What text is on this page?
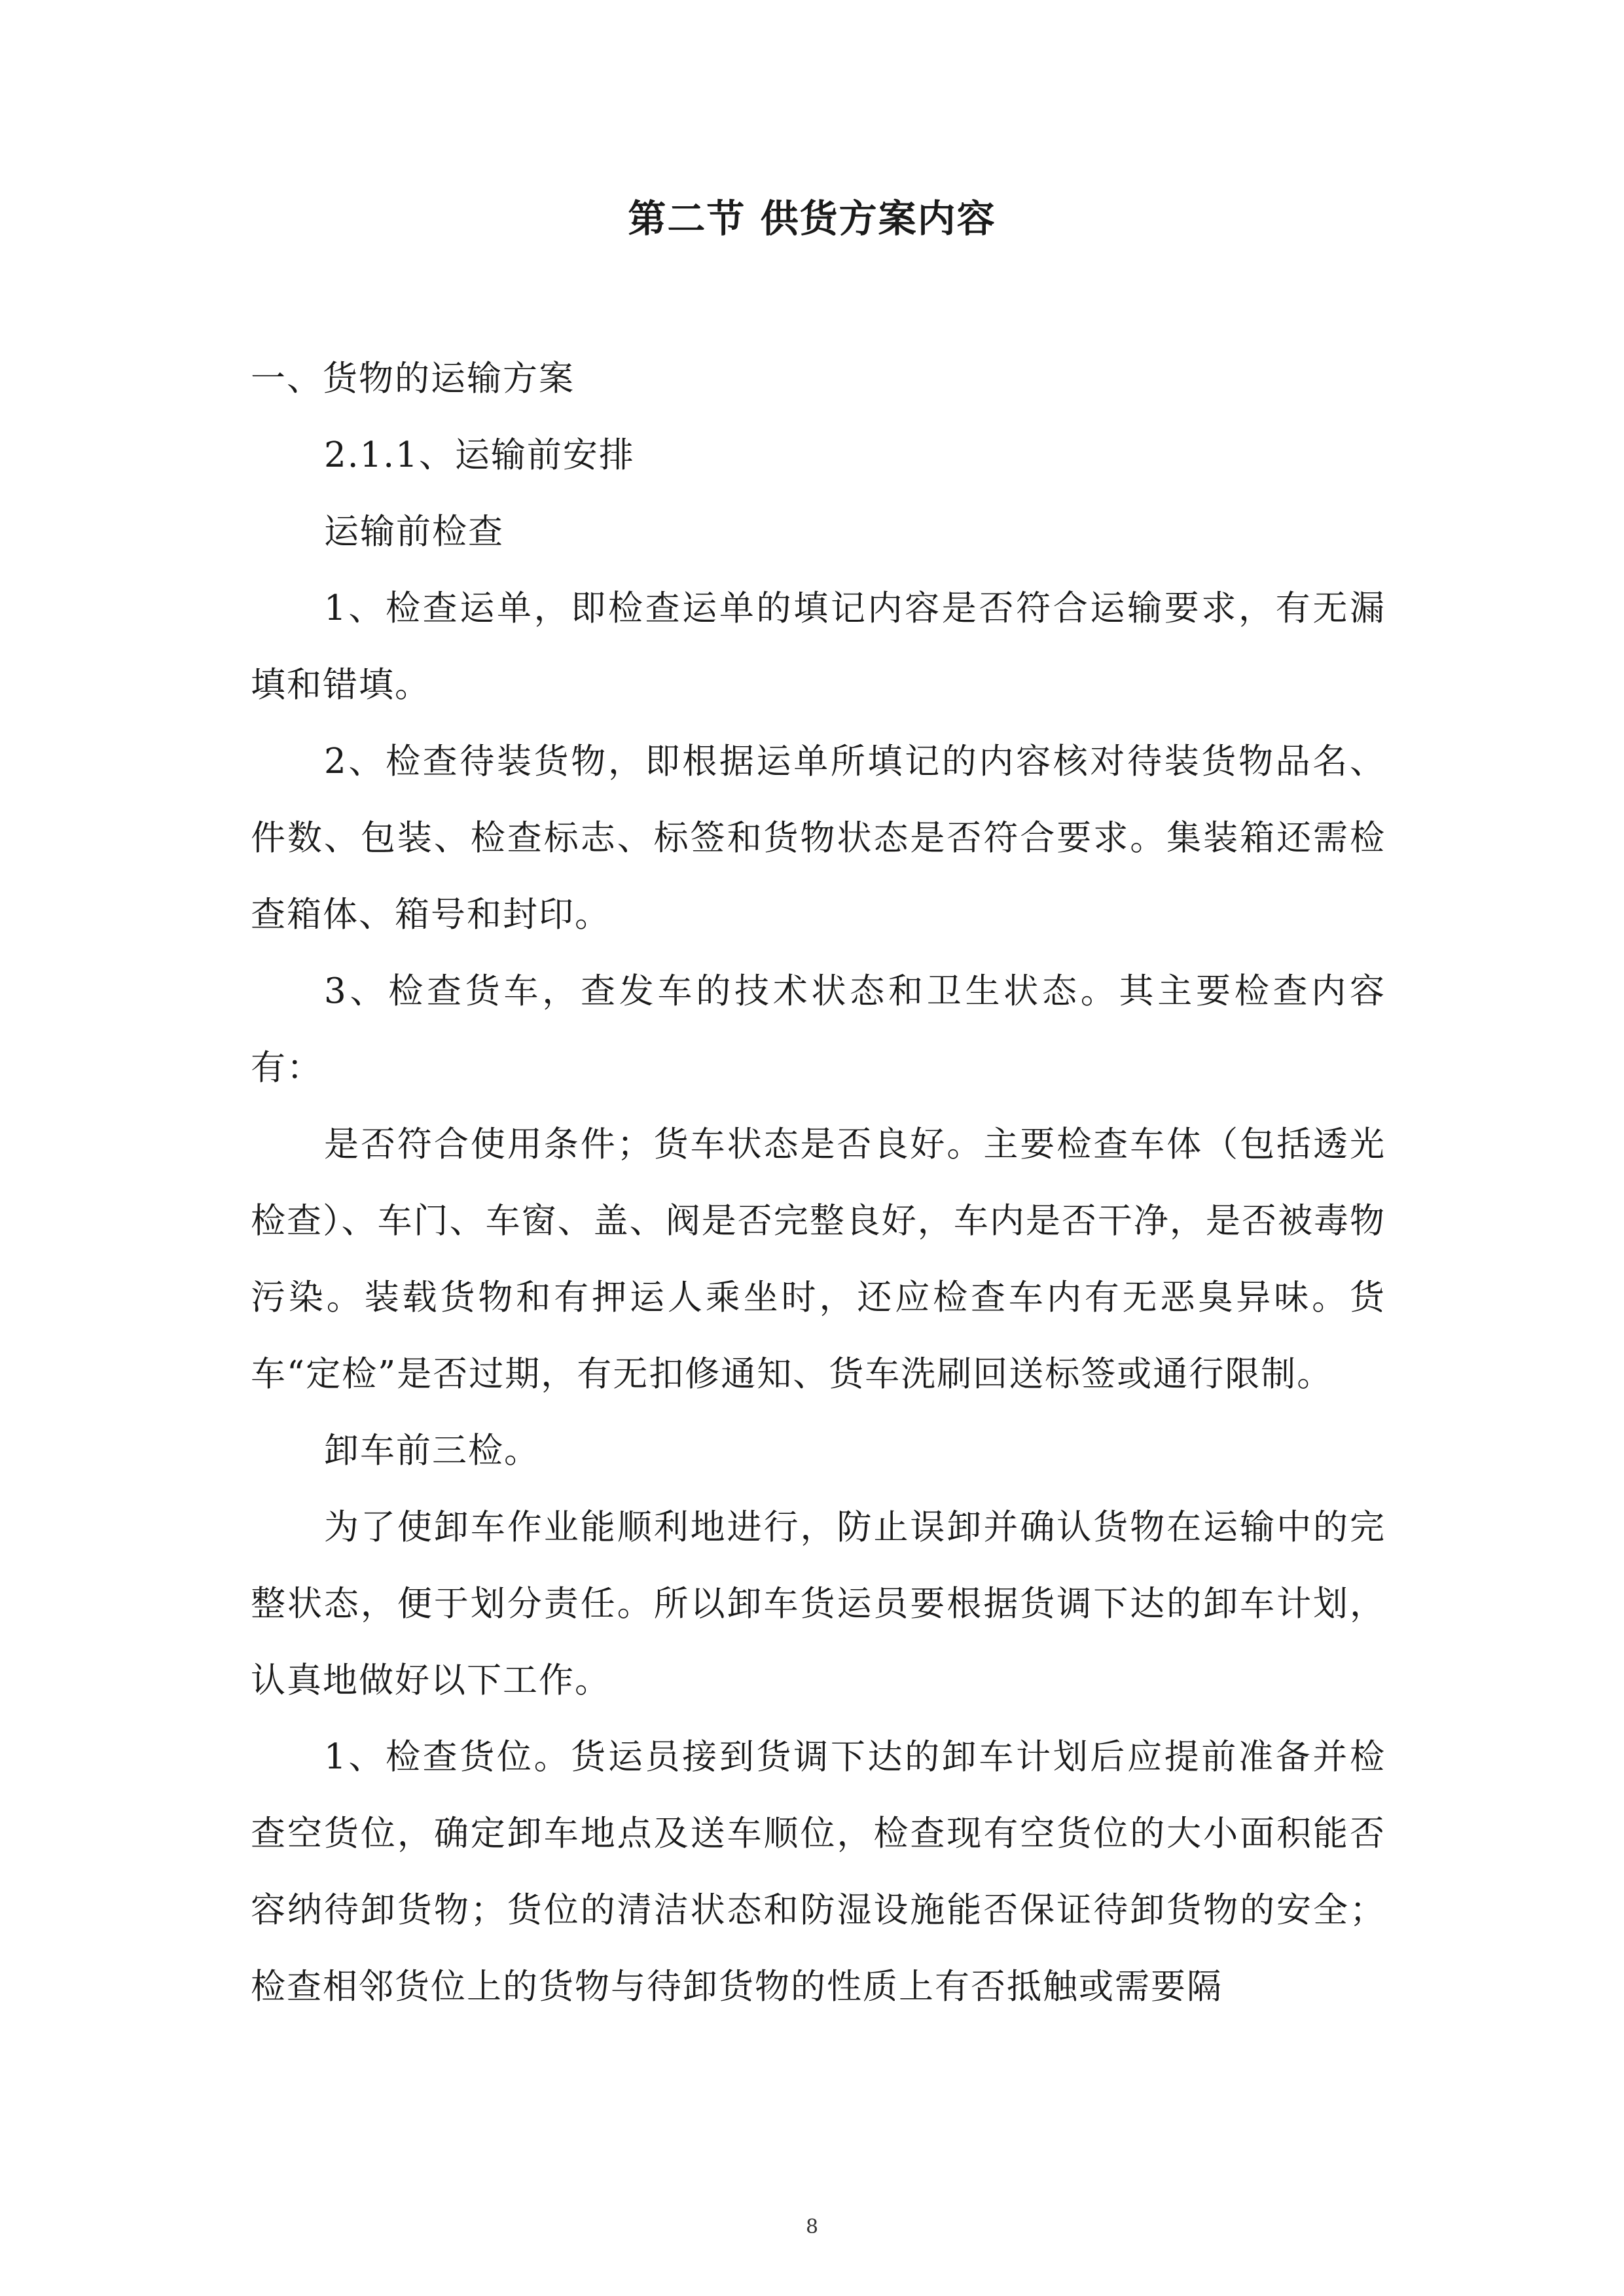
第二节 供货方案内容

一、货物的运输方案

2.1.1、运输前安排

运输前检查

1、检查运单，即检查运单的填记内容是否符合运输要求，有无漏填和错填。

2、检查待装货物，即根据运单所填记的内容核对待装货物品名、件数、包装、检查标志、标签和货物状态是否符合要求。集装箱还需检查箱体、箱号和封印。

3、检查货车，查发车的技术状态和卫生状态。其主要检查内容有：

是否符合使用条件；货车状态是否良好。主要检查车体（包括透光检查）、车门、车窗、盖、阀是否完整良好，车内是否干净，是否被毒物污染。装载货物和有押运人乘坐时，还应检查车内有无恶臭异味。货车“定检”是否过期，有无扣修通知、货车洗刷回送标签或通行限制。

卸车前三检。

为了使卸车作业能顺利地进行，防止误卸并确认货物在运输中的完整状态，便于划分责任。所以卸车货运员要根据货调下达的卸车计划，认真地做好以下工作。

1、检查货位。货运员接到货调下达的卸车计划后应提前准备并检查空货位，确定卸车地点及送车顺位，检查现有空货位的大小面积能否容纳待卸货物；货位的清洁状态和防湿设施能否保证待卸货物的安全；检查相邻货位上的货物与待卸货物的性质上有否抵触或需要隔

8
